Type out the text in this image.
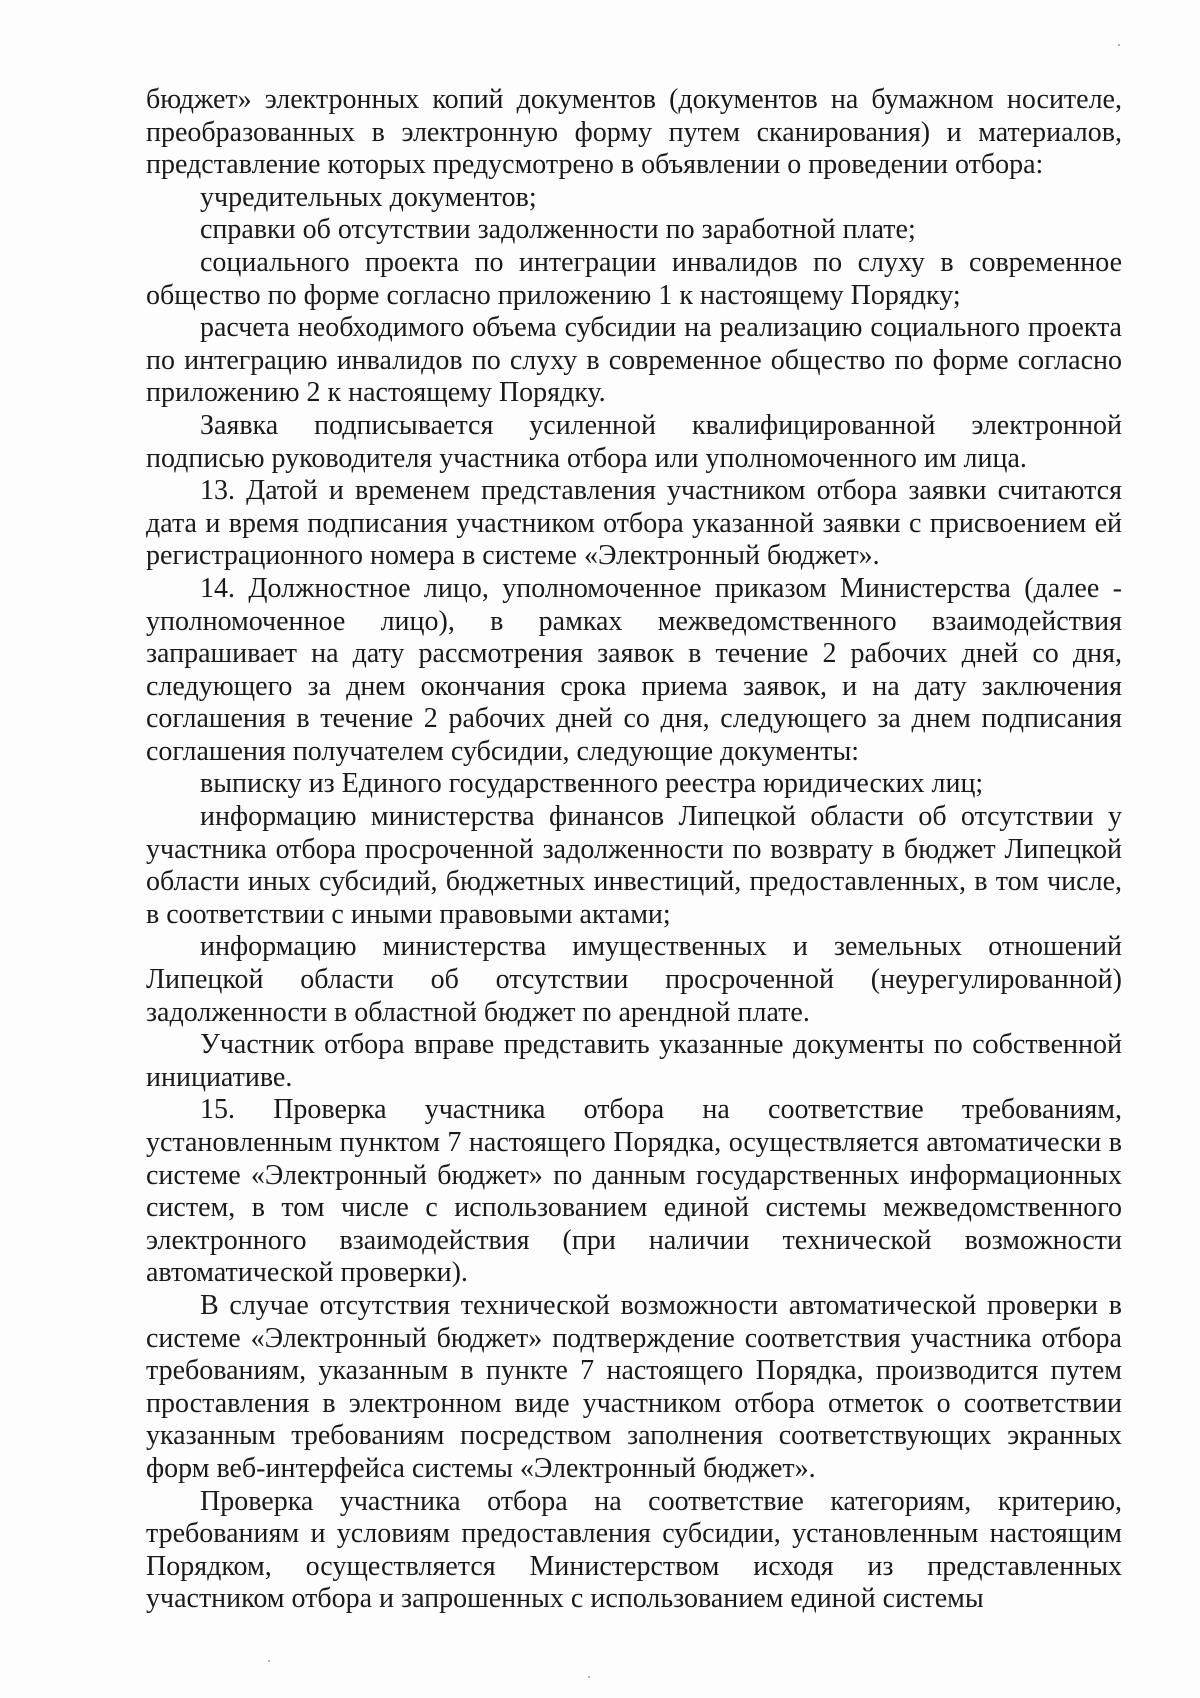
бюджет» электронных копий документов (документов на бумажном носителе, преобразованных в электронную форму путем сканирования) и материалов, представление которых предусмотрено в объявлении о проведении отбора:

учредительных документов;

справки об отсутствии задолженности по заработной плате;

социального проекта по интеграции инвалидов по слуху в современное общество по форме согласно приложению 1 к настоящему Порядку;

расчета необходимого объема субсидии на реализацию социального проекта по интеграцию инвалидов по слуху в современное общество по форме согласно приложению 2 к настоящему Порядку.

Заявка подписывается усиленной квалифицированной электронной подписью руководителя участника отбора или уполномоченного им лица.

13. Датой и временем представления участником отбора заявки считаются дата и время подписания участником отбора указанной заявки с присвоением ей регистрационного номера в системе «Электронный бюджет».

14. Должностное лицо, уполномоченное приказом Министерства (далее - уполномоченное лицо), в рамках межведомственного взаимодействия запрашивает на дату рассмотрения заявок в течение 2 рабочих дней со дня, следующего за днем окончания срока приема заявок, и на дату заключения соглашения в течение 2 рабочих дней со дня, следующего за днем подписания соглашения получателем субсидии, следующие документы:

выписку из Единого государственного реестра юридических лиц;

информацию министерства финансов Липецкой области об отсутствии у участника отбора просроченной задолженности по возврату в бюджет Липецкой области иных субсидий, бюджетных инвестиций, предоставленных, в том числе, в соответствии с иными правовыми актами;

информацию министерства имущественных и земельных отношений Липецкой области об отсутствии просроченной (неурегулированной) задолженности в областной бюджет по арендной плате.

Участник отбора вправе представить указанные документы по собственной инициативе.

15. Проверка участника отбора на соответствие требованиям, установленным пунктом 7 настоящего Порядка, осуществляется автоматически в системе «Электронный бюджет» по данным государственных информационных систем, в том числе с использованием единой системы межведомственного электронного взаимодействия (при наличии технической возможности автоматической проверки).

В случае отсутствия технической возможности автоматической проверки в системе «Электронный бюджет» подтверждение соответствия участника отбора требованиям, указанным в пункте 7 настоящего Порядка, производится путем проставления в электронном виде участником отбора отметок о соответствии указанным требованиям посредством заполнения соответствующих экранных форм веб-интерфейса системы «Электронный бюджет».

Проверка участника отбора на соответствие категориям, критерию, требованиям и условиям предоставления субсидии, установленным настоящим Порядком, осуществляется Министерством исходя из представленных участником отбора и запрошенных с использованием единой системы
